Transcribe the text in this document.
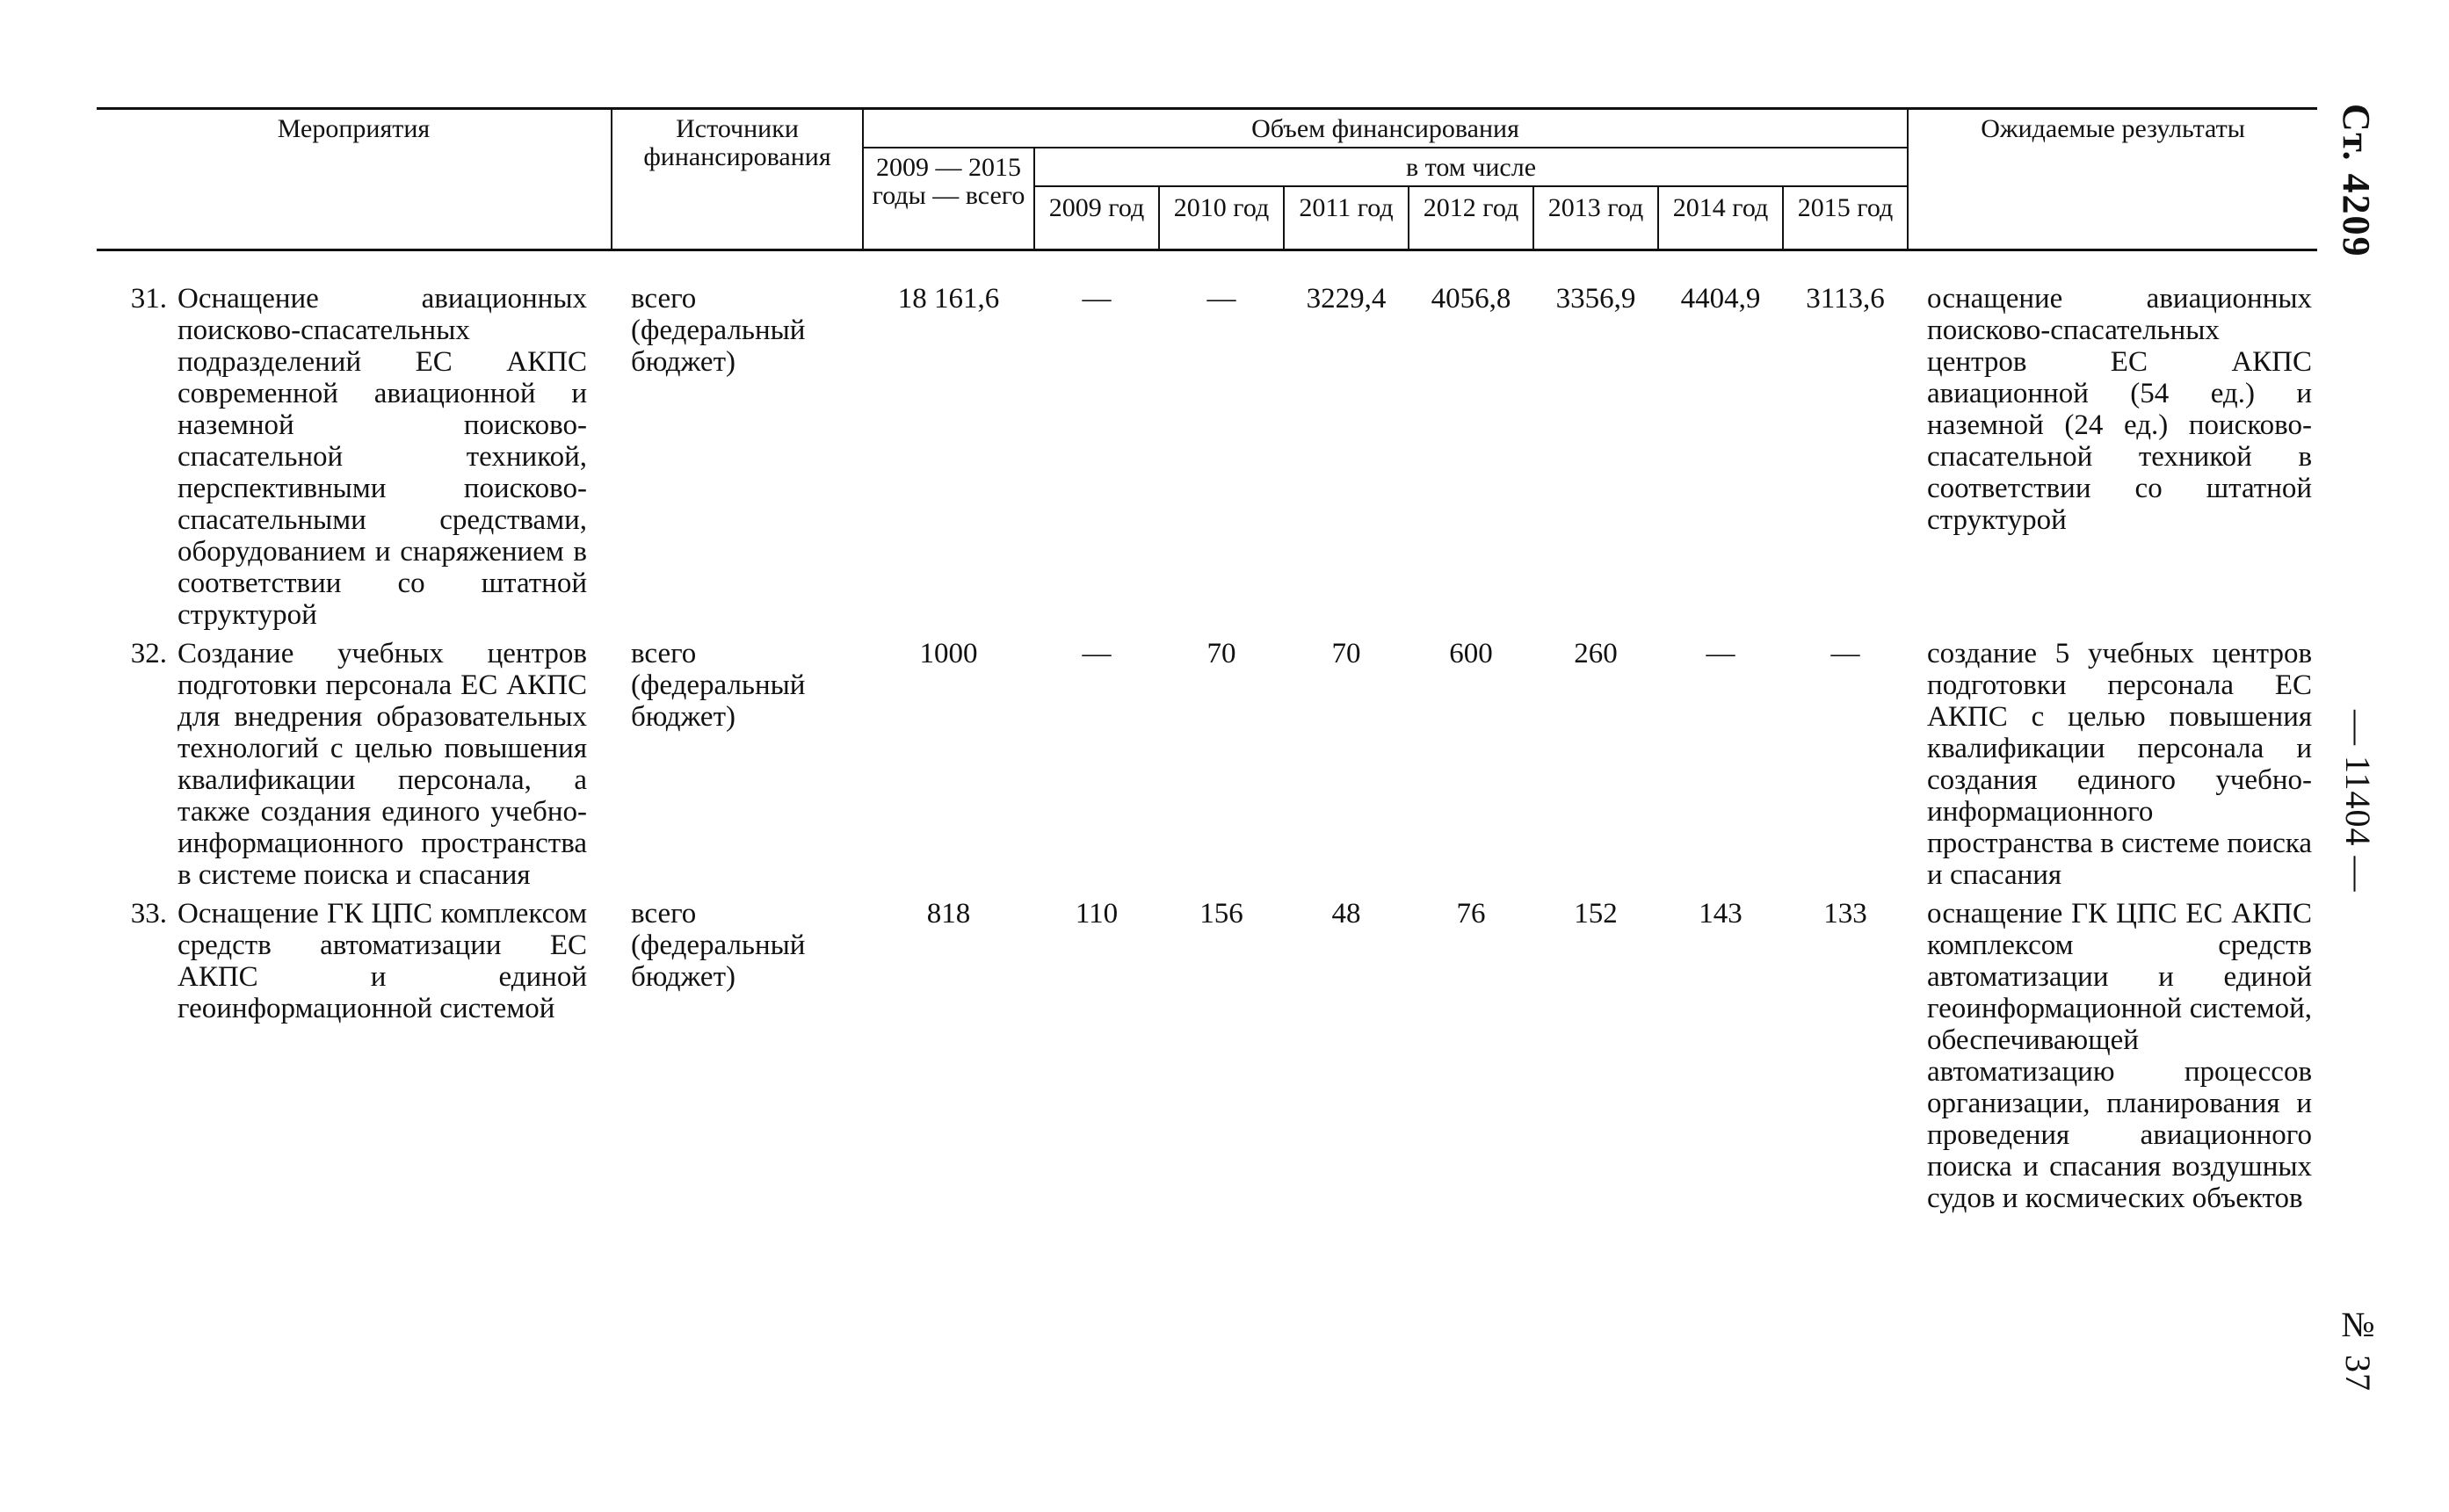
Мероприятия	Источники финансирования	Объем финансирования								Ожидаемые результаты
		2009 — 2015 годы — всего	в том числе							
			2009 год	2010 год	2011 год	2012 год	2013 год	2014 год	2015 год	

31. Оснащение авиационных поисково-спасательных подразделений ЕС АКПС современной авиационной и наземной поисково-спасательной техникой, перспективными поисково-спасательными средствами, оборудованием и снаряжением в соответствии со штатной структурой	всего (федеральный бюджет)	18 161,6	—	—	3229,4	4056,8	3356,9	4404,9	3113,6	оснащение авиационных поисково-спасательных центров ЕС АКПС авиационной (54 ед.) и наземной (24 ед.) поисково-спасательной техникой в соответствии со штатной структурой

32. Создание учебных центров подготовки персонала ЕС АКПС для внедрения образовательных технологий с целью повышения квалификации персонала, а также создания единого учебно-информационного пространства в системе поиска и спасания	всего (федеральный бюджет)	1000	—	70	70	600	260	—	—	создание 5 учебных центров подготовки персонала ЕС АКПС с целью повышения квалификации персонала и создания единого учебно-информационного пространства в системе поиска и спасания

33. Оснащение ГК ЦПС комплексом средств автоматизации ЕС АКПС и единой геоинформационной системой	всего (федеральный бюджет)	818	110	156	48	76	152	143	133	оснащение ГК ЦПС ЕС АКПС комплексом средств автоматизации и единой геоинформационной системой, обеспечивающей автоматизацию процессов организации, планирования и проведения авиационного поиска и спасания воздушных судов и космических объектов
Ст. 4209
— 11404 —
№ 37
